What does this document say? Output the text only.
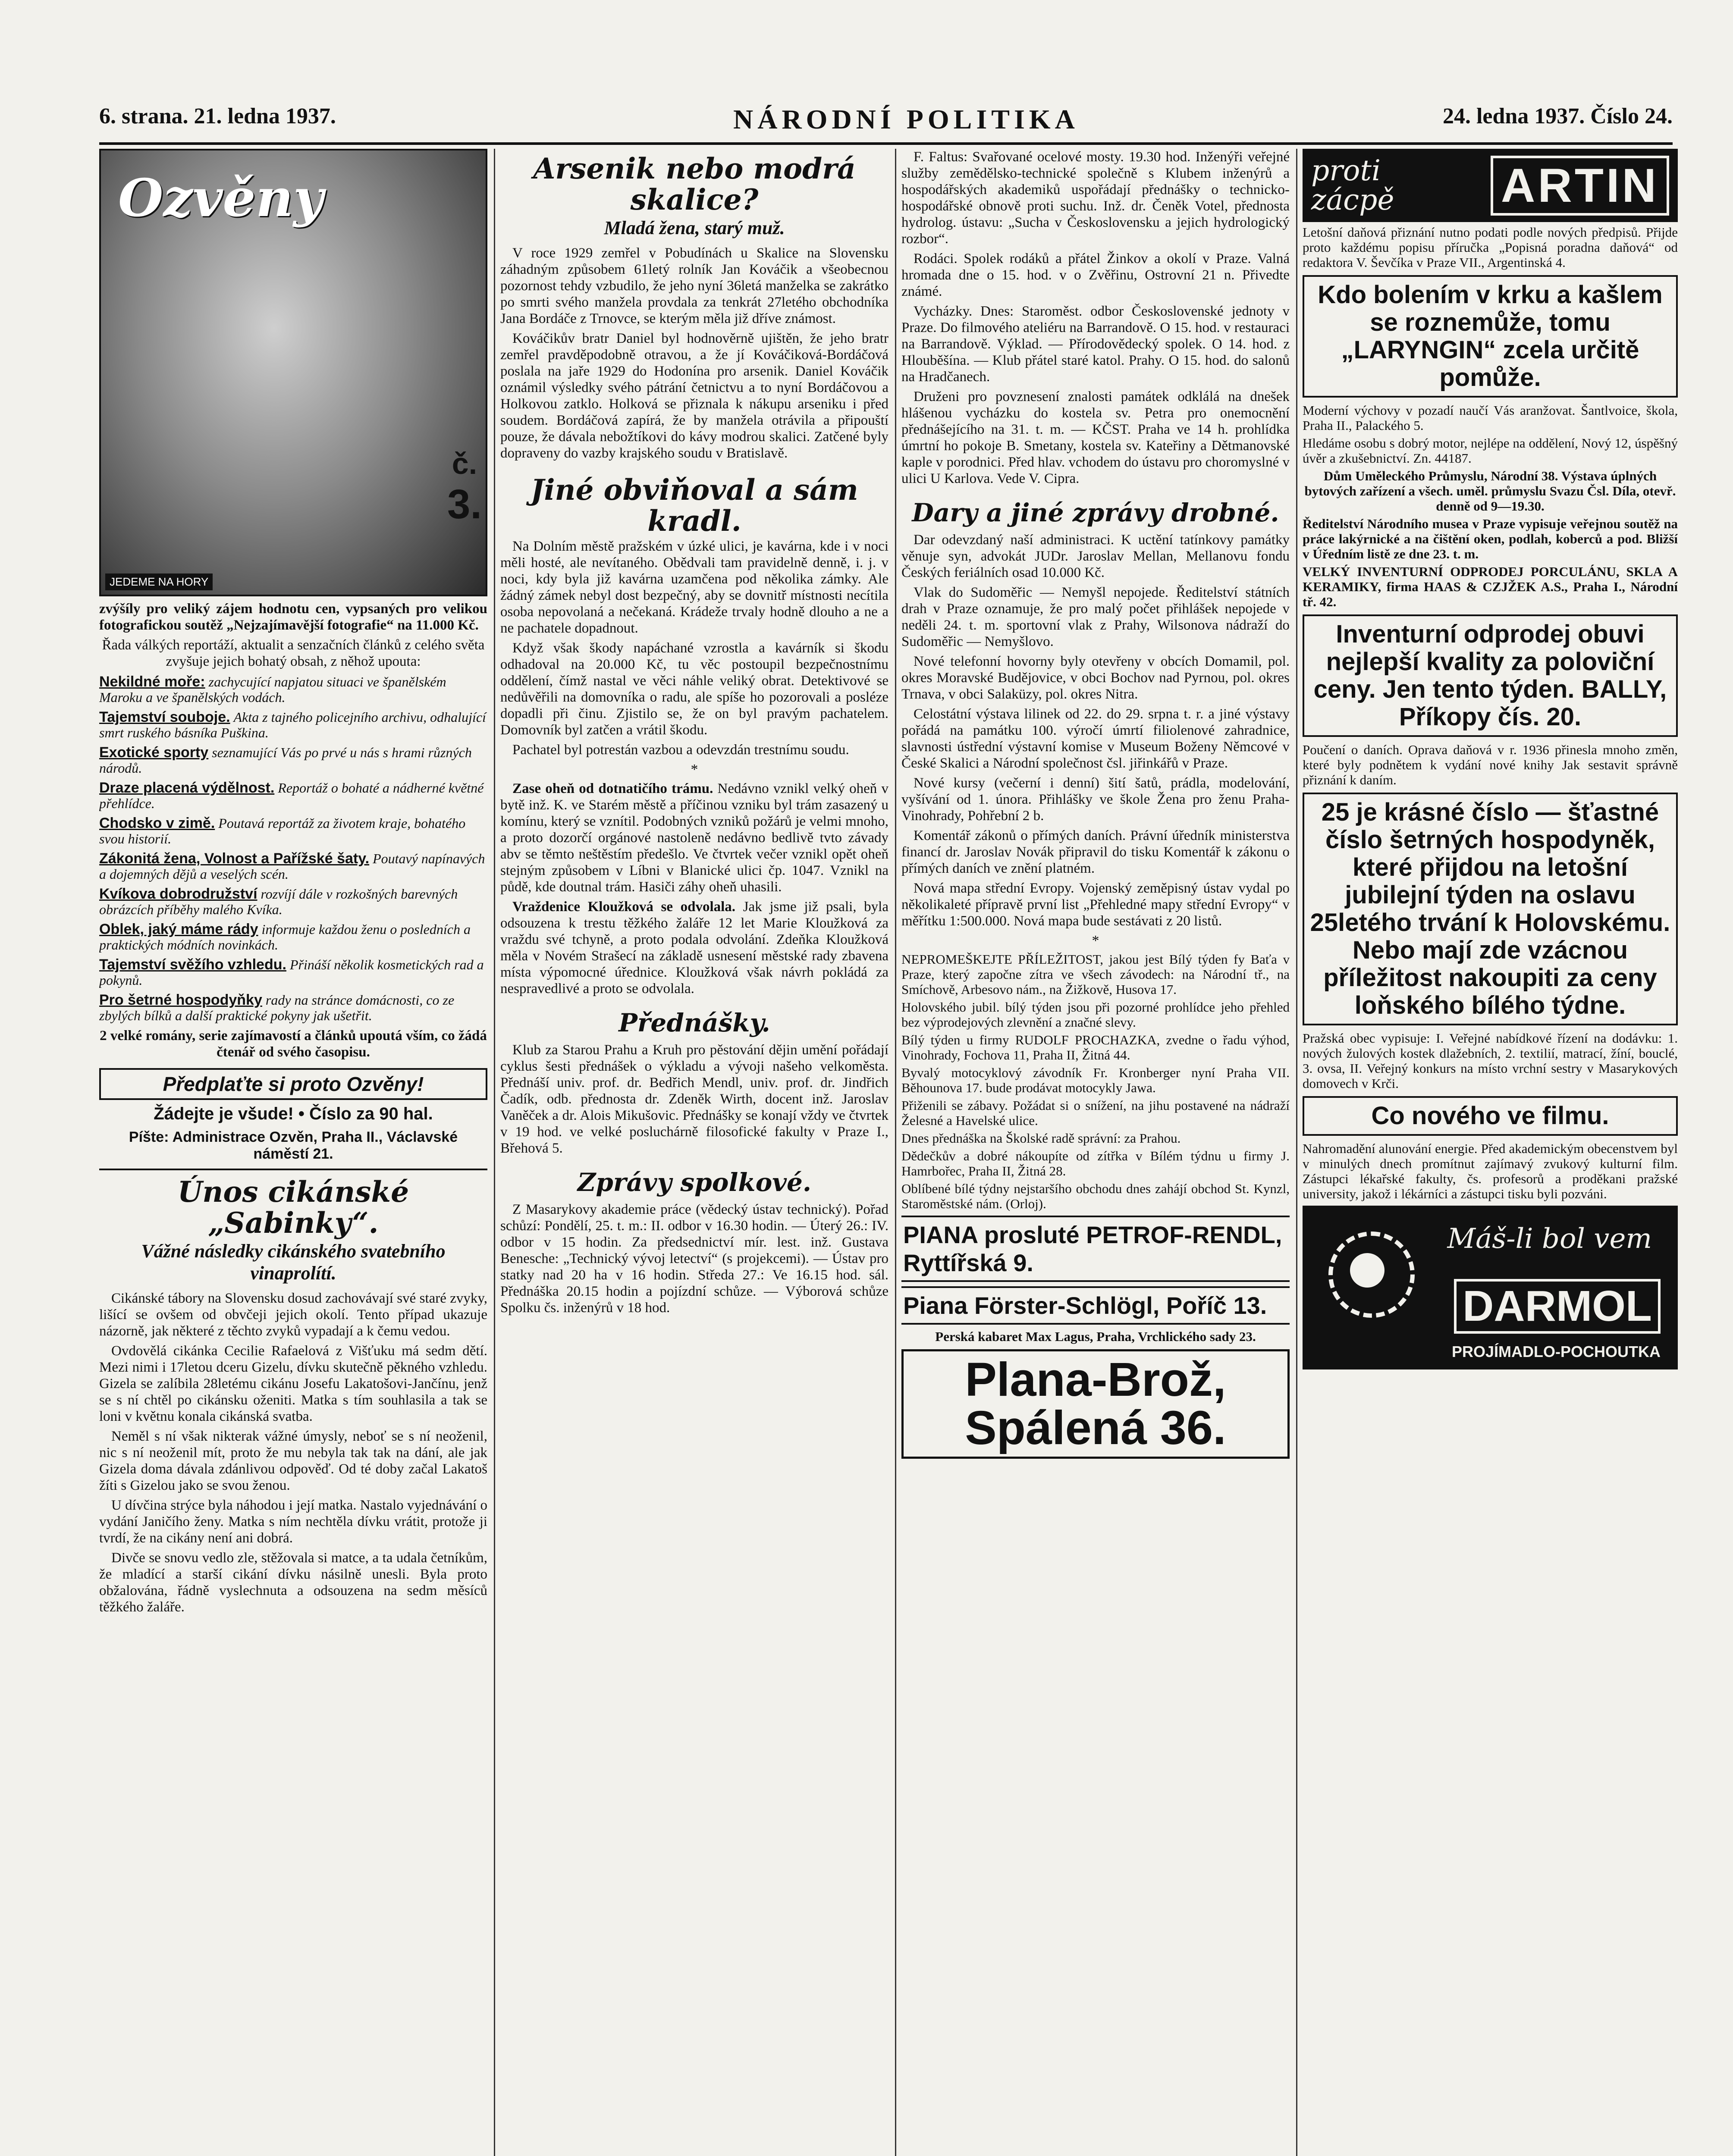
6. strana. 21. ledna 1937.	NÁRODNÍ POLITIKA	24. ledna 1937. Číslo 24.
Ozvěny
JEDEME NA HORY
č.
3.
zvýšíly pro veliký zájem hodnotu cen, vypsaných pro velikou fotografickou soutěž „Nejzajímavější fotografie“ na 11.000 Kč.
Řada válkých reportáží, aktualit a senzačních článků z celého světa zvyšuje jejich bohatý obsah, z něhož upouta:
Nekildné moře: zachycující napjatou situaci ve španělském Maroku a ve španělských vodách.
Tajemství souboje. Akta z tajného policejního archivu, odhalující smrt ruského básníka Puškina.
Exotické sporty seznamující Vás po prvé u nás s hrami různých národů.
Draze placená výdělnost. Reportáž o bohaté a nádherné květné přehlídce.
Chodsko v zimě. Poutavá reportáž za životem kraje, bohatého svou historií.
Zákonitá žena, Volnost a Pařížské šaty. Poutavý napínavých a dojemných dějů a veselých scén.
Kvíkova dobrodružství rozvíjí dále v rozkošných barevných obrázcích příběhy malého Kvíka.
Oblek, jaký máme rády informuje každou ženu o posledních a praktických módních novinkách.
Tajemství svěžího vzhledu. Přináší několik kosmetických rad a pokynů.
Pro šetrné hospodyňky rady na stránce domácnosti, co ze zbylých bílků a další praktické pokyny jak ušetřit.
2 velké romány, serie zajímavostí a článků upoutá vším, co žádá čtenář od svého časopisu.
Předplaťte si proto Ozvěny!
Žádejte je všude! • Číslo za 90 hal.
Píšte: Administrace Ozvěn, Praha II., Václavské náměstí 21.
Únos cikánské „Sabinky“.
Vážné následky cikánského svatebního vinaprolítí.

Cikánské tábory na Slovensku dosud zachovávají své staré zvyky, lišící se ovšem od obvčeji jejich okolí. Tento případ ukazuje názorně, jak některé z těchto zvyků vypadají a k čemu vedou.

Ovdovělá cikánka Cecilie Rafaelová z Višťuku má sedm dětí. Mezi nimi i 17letou dceru Gizelu, dívku skutečně pěkného vzhledu. Gizela se zalíbila 28letému cikánu Josefu Lakatošovi-Jančínu, jenž se s ní chtěl po cikánsku oženiti. Matka s tím souhlasila a tak se loni v květnu konala cikánská svatba.

Neměl s ní však nikterak vážné úmysly, neboť se s ní neoženil, nic s ní neoženil mít, proto že mu nebyla tak tak na dání, ale jak Gizela doma dávala zdánlivou odpověď. Od té doby začal Lakatoš žíti s Gizelou jako se svou ženou.

U dívčina strýce byla náhodou i její matka. Nastalo vyjednávání o vydání Janičího ženy. Matka s ním nechtěla dívku vrátit, protože ji tvrdí, že na cikány není ani dobrá.

Divče se snovu vedlo zle, stěžovala si matce, a ta udala četníkům, že mladící a starší cikání dívku násilně unesli. Byla proto obžalována, řádně vyslechnuta a odsouzena na sedm měsíců těžkého žaláře.

Arsenik nebo modrá skalice?
Mladá žena, starý muž.

V roce 1929 zemřel v Pobudínách u Skalice na Slovensku záhadným způsobem 61letý rolník Jan Kováčik a všeobecnou pozornost tehdy vzbudilo, že jeho nyní 36letá manželka se zakrátko po smrti svého manžela provdala za tenkrát 27letého obchodníka Jana Bordáče z Trnovce, se kterým měla již dříve známost.

Kováčikův bratr Daniel byl hodnověrně ujištěn, že jeho bratr zemřel pravděpodobně otravou, a že jí Kováčiková-Bordáčová poslala na jaře 1929 do Hodonína pro arsenik. Daniel Kováčik oznámil výsledky svého pátrání četnictvu a to nyní Bordáčovou a Holkovou zatklo. Holková se přiznala k nákupu arseniku i před soudem. Bordáčová zapírá, že by manžela otrávila a připouští pouze, že dávala nebožtíkovi do kávy modrou skalici. Zatčené byly dopraveny do vazby krajského soudu v Bratislavě.

Jiné obviňoval a sám kradl.

Na Dolním městě pražském v úzké ulici, je kavárna, kde i v noci měli hosté, ale nevítaného. Obědvali tam pravidelně denně, i. j. v noci, kdy byla již kavárna uzamčena pod několika zámky. Ale žádný zámek nebyl dost bezpečný, aby se dovnitř místnosti necítila osoba nepovolaná a nečekaná. Krádeže trvaly hodně dlouho a ne a ne pachatele dopadnout.

Když však škody napáchané vzrostla a kavárník si škodu odhadoval na 20.000 Kč, tu věc postoupil bezpečnostnímu oddělení, čímž nastal ve věci náhle veliký obrat. Detektivové se nedůvěřili na domovníka o radu, ale spíše ho pozorovali a posléze dopadli při činu. Zjistilo se, že on byl pravým pachatelem. Domovník byl zatčen a vrátil škodu.

Pachatel byl potrestán vazbou a odevzdán trestnímu soudu.

*

Zase oheň od dotnatičího trámu. Nedávno vznikl velký oheň v bytě inž. K. ve Starém městě a příčinou vzniku byl trám zasazený u komínu, který se vznítil. Podobných vzniků požárů je velmi mnoho, a proto dozorčí orgánové nastoleně nedávno bedlivě tvto závady abv se těmto neštěstím předešlo. Ve čtvrtek večer vznikl opět oheň stejným způsobem v Líbni v Blanické ulici čp. 1047. Vznikl na půdě, kde doutnal trám. Hasiči záhy oheň uhasili.

Vraždenice Kloužková se odvolala. Jak jsme již psali, byla odsouzena k trestu těžkého žaláře 12 let Marie Kloužková za vraždu své tchyně, a proto podala odvolání. Zdeňka Kloužková měla v Novém Strašecí na základě usnesení městské rady zbavena místa výpomocné úřednice. Kloužková však návrh pokládá za nespravedlivé a proto se odvolala.

Přednášky.

Klub za Starou Prahu a Kruh pro pěstování dějin umění pořádají cyklus šesti přednášek o výkladu a vývoji našeho velkoměsta. Přednáší univ. prof. dr. Bedřich Mendl, univ. prof. dr. Jindřich Čadík, odb. přednosta dr. Zdeněk Wirth, docent inž. Jaroslav Vaněček a dr. Alois Mikušovic. Přednášky se konají vždy ve čtvrtek v 19 hod. ve velké posluchárně filosofické fakulty v Praze I., Břehová 5.

Zprávy spolkové.

Z Masarykovy akademie práce (vědecký ústav technický). Pořad schůzí: Pondělí, 25. t. m.: II. odbor v 16.30 hodin. — Úterý 26.: IV. odbor v 15 hodin. Za předsednictví mír. lest. inž. Gustava Benesche: „Technický vývoj letectví“ (s projekcemi). — Ústav pro statky nad 20 ha v 16 hodin. Středa 27.: Ve 16.15 hod. sál. Přednáška 20.15 hodin a pojízdní schůze. — Výborová schůze Spolku čs. inženýrů v 18 hod.

F. Faltus: Svařované ocelové mosty. 19.30 hod. Inženýři veřejné služby zemědělsko-technické společně s Klubem inženýrů a hospodářských akademiků uspořádají přednášky o technicko-hospodářské obnově proti suchu. Inž. dr. Čeněk Votel, přednosta hydrolog. ústavu: „Sucha v Československu a jejich hydrologický rozbor“.

Rodáci. Spolek rodáků a přátel Žinkov a okolí v Praze. Valná hromada dne o 15. hod. v o Zvěřinu, Ostrovní 21 n. Přivedte známé.

Vycházky. Dnes: Staroměst. odbor Československé jednoty v Praze. Do filmového ateliéru na Barrandově. O 15. hod. v restauraci na Barrandově. Výklad. — Přírodovědecký spolek. O 14. hod. z Hlouběšína. — Klub přátel staré katol. Prahy. O 15. hod. do salonů na Hradčanech.

Druženi pro povznesení znalosti památek odklálá na dnešek hlášenou vycházku do kostela sv. Petra pro onemocnění přednášejícího na 31. t. m. — KČST. Praha ve 14 h. prohlídka úmrtní ho pokoje B. Smetany, kostela sv. Kateřiny a Dětmanovské kaple v porodnici. Před hlav. vchodem do ústavu pro choromyslné v ulici U Karlova. Vede V. Cipra.

Dary a jiné zprávy drobné.

Dar odevzdaný naší administraci. K uctění tatínkovy památky věnuje syn, advokát JUDr. Jaroslav Mellan, Mellanovu fondu Českých feriálních osad 10.000 Kč.

Vlak do Sudoměřic — Nemyšl nepojede. Ředitelství státních drah v Praze oznamuje, že pro malý počet přihlášek nepojede v neděli 24. t. m. sportovní vlak z Prahy, Wilsonova nádraží do Sudoměřic — Nemyšlovo.

Nové telefonní hovorny byly otevřeny v obcích Domamil, pol. okres Moravské Budějovice, v obci Bochov nad Pyrnou, pol. okres Trnava, v obci Salaküzy, pol. okres Nitra.

Celostátní výstava lilinek od 22. do 29. srpna t. r. a jiné výstavy pořádá na památku 100. výročí úmrtí filiolenové zahradnice, slavnosti ústřední výstavní komise v Museum Boženy Němcové v České Skalici a Národní společnost čsl. jiřinkářů v Praze.

Nové kursy (večerní i denní) šití šatů, prádla, modelování, vyšívání od 1. února. Přihlášky ve škole Žena pro ženu Praha-Vinohrady, Pohřební 2 b.

Komentář zákonů o přímých daních. Právní úředník ministerstva financí dr. Jaroslav Novák připravil do tisku Komentář k zákonu o přímých daních ve znění platném.

Nová mapa střední Evropy. Vojenský zeměpisný ústav vydal po několikaleté přípravě první list „Přehledné mapy střední Evropy“ v měřítku 1:500.000. Nová mapa bude sestávati z 20 listů.

*
NEPROMEŠKEJTE PŘÍLEŽITOST, jakou jest Bílý týden fy Baťa v Praze, který započne zítra ve všech závodech: na Národní tř., na Smíchově, Arbesovo nám., na Žižkově, Husova 17.
Holovského jubil. bílý týden jsou při pozorné prohlídce jeho přehled bez výprodejových zlevnění a značné slevy.
Bílý týden u firmy RUDOLF PROCHAZKA, zvedne o řadu výhod, Vinohrady, Fochova 11, Praha II, Žitná 44.
Byvalý motocyklový závodník Fr. Kronberger nyní Praha VII. Běhounova 17. bude prodávat motocykly Jawa.
Přiženili se zábavy. Požádat si o snížení, na jihu postavené na nádraží Želesné a Havelské ulice.
Dnes přednáška na Školské radě správní: za Prahou.
Dědečkův a dobré nákoupíte od zítřka v Bílém týdnu u firmy J. Hamrbořec, Praha II, Žitná 28.
Oblíbené bílé týdny nejstaršího obchodu dnes zahájí obchod St. Kynzl, Staroměstské nám. (Orloj).
PIANA prosluté PETROF-RENDL, Ryttířská 9.
Piana Förster-Schlögl, Poříč 13.
Perská kabaret Max Lagus, Praha, Vrchlického sady 23.
Plana-Brož, Spálená 36.
proti
zácpě ARTIN
Letošní daňová přiznání nutno podati podle nových předpisů. Přijde proto každému popisu příručka „Popisná poradna daňová“ od redaktora V. Ševčíka v Praze VII., Argentinská 4.
Kdo bolením v krku a kašlem se roznemůže, tomu „LARYNGIN“ zcela určitě pomůže.
Moderní výchovy v pozadí naučí Vás aranžovat. Šantlvoice, škola, Praha II., Palackého 5.
Hledáme osobu s dobrý motor, nejlépe na oddělení, Nový 12, úspěšný úvěr a zkušebnictví. Zn. 44187.
Dům Uměleckého Průmyslu, Národní 38. Výstava úplných bytových zařízení a všech. uměl. průmyslu Svazu Čsl. Díla, otevř. denně od 9—19.30.
Ředitelství Národního musea v Praze vypisuje veřejnou soutěž na práce lakýrnické a na čištění oken, podlah, koberců a pod. Bližší v Úředním listě ze dne 23. t. m.
VELKÝ INVENTURNÍ ODPRODEJ PORCULÁNU, SKLA A KERAMIKY, firma HAAS & CZJŽEK A.S., Praha I., Národní tř. 42.
Inventurní odprodej obuvi nejlepší kvality za poloviční ceny. Jen tento týden. BALLY, Příkopy čís. 20.
Poučení o daních. Oprava daňová v r. 1936 přinesla mnoho změn, které byly podnětem k vydání nové knihy Jak sestavit správně přiznání k daním.
25 je krásné číslo — šťastné číslo šetrných hospodyněk, které přijdou na letošní jubilejní týden na oslavu 25letého trvání k Holovskému. Nebo mají zde vzácnou příležitost nakoupiti za ceny loňského bílého týdne.
Pražská obec vypisuje: I. Veřejné nabídkové řízení na dodávku: 1. nových žulových kostek dlažebních, 2. textilií, matrací, žíní, bouclé, 3. ovsa, II. Veřejný konkurs na místo vrchní sestry v Masarykových domovech v Krči.
Co nového ve filmu.
Nahromadění alunování energie. Před akademickým obecenstvem byl v minulých dnech promítnut zajímavý zvukový kulturní film. Zástupci lékařské fakulty, čs. profesorů a proděkani pražské university, jakož i lékárníci a zástupci tisku byli pozváni.
Máš-li bol vem
DARMOL
PROJÍMADLO-POCHOUTKA
